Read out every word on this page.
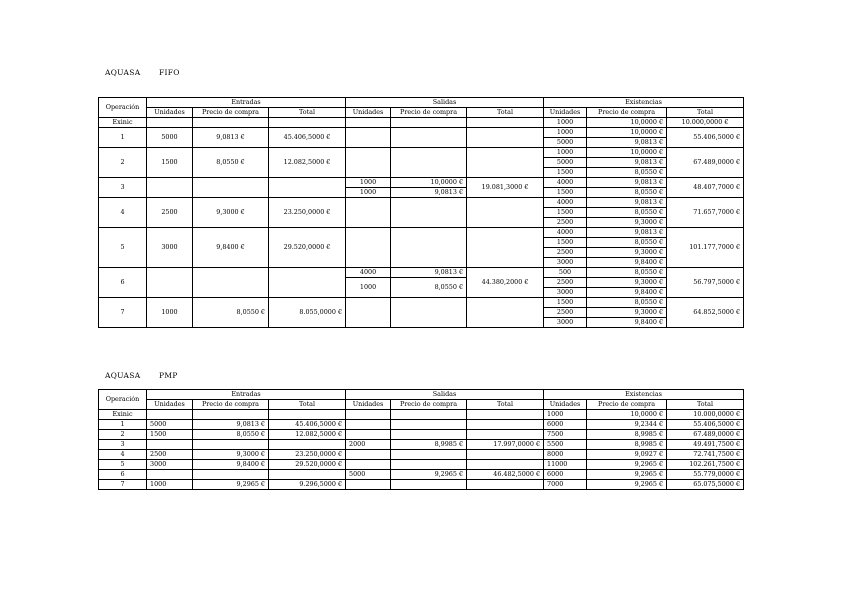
AQUASA FIFO
Operación	Entradas			Salidas			Existencias		
	Unidades	Precio de compra	Total	Unidades	Precio de compra	Total	Unidades	Precio de compra	Total
Exinic							1000	10,0000 €	10.000,0000 €
1	5000	9,0813 €	45.406,5000 €				1000	10,0000 €	55.406,5000 €
							5000	9,0813 €	
2	1500	8,0550 €	12.082,5000 €				1000	10,0000 €	67.489,0000 €
							5000	9,0813 €	
							1500	8,0550 €	
3				1000	10,0000 €	19.081,3000 €	4000	9,0813 €	48.407,7000 €
				1000	9,0813 €		1500	8,0550 €	
4	2500	9,3000 €	23.250,0000 €				4000	9,0813 €	71.657,7000 €
							1500	8,0550 €	
							2500	9,3000 €	
5	3000	9,8400 €	29.520,0000 €				4000	9,0813 €	101.177,7000 €
							1500	8,0550 €	
							2500	9,3000 €	
							3000	9,8400 €	
6				4000	9,0813 €	44.380,2000 €	500	8,0550 €	56.797,5000 €
				1000	8,0550 €		2500	9,3000 €	
							3000	9,8400 €	
7	1000	8,0550 €	8.055,0000 €				1500	8,0550 €	64.852,5000 €
							2500	9,3000 €	
							3000	9,8400 €	
AQUASA PMP
Operación	Entradas			Salidas			Existencias		
	Unidades	Precio de compra	Total	Unidades	Precio de compra	Total	Unidades	Precio de compra	Total
Exinic							1000	10,0000 €	10.000,0000 €
1	5000	9,0813 €	45.406,5000 €				6000	9,2344 €	55.406,5000 €
2	1500	8,0550 €	12.082,5000 €				7500	8,9985 €	67.489,0000 €
3				2000	8,9985 €	17.997,0000 €	5500	8,9985 €	49.491,7500 €
4	2500	9,3000 €	23.250,0000 €				8000	9,0927 €	72.741,7500 €
5	3000	9,8400 €	29.520,0000 €				11000	9,2965 €	102.261,7500 €
6				5000	9,2965 €	46.482,5000 €	6000	9,2965 €	55.779,0000 €
7	1000	9,2965 €	9.296,5000 €				7000	9,2965 €	65.075,5000 €
